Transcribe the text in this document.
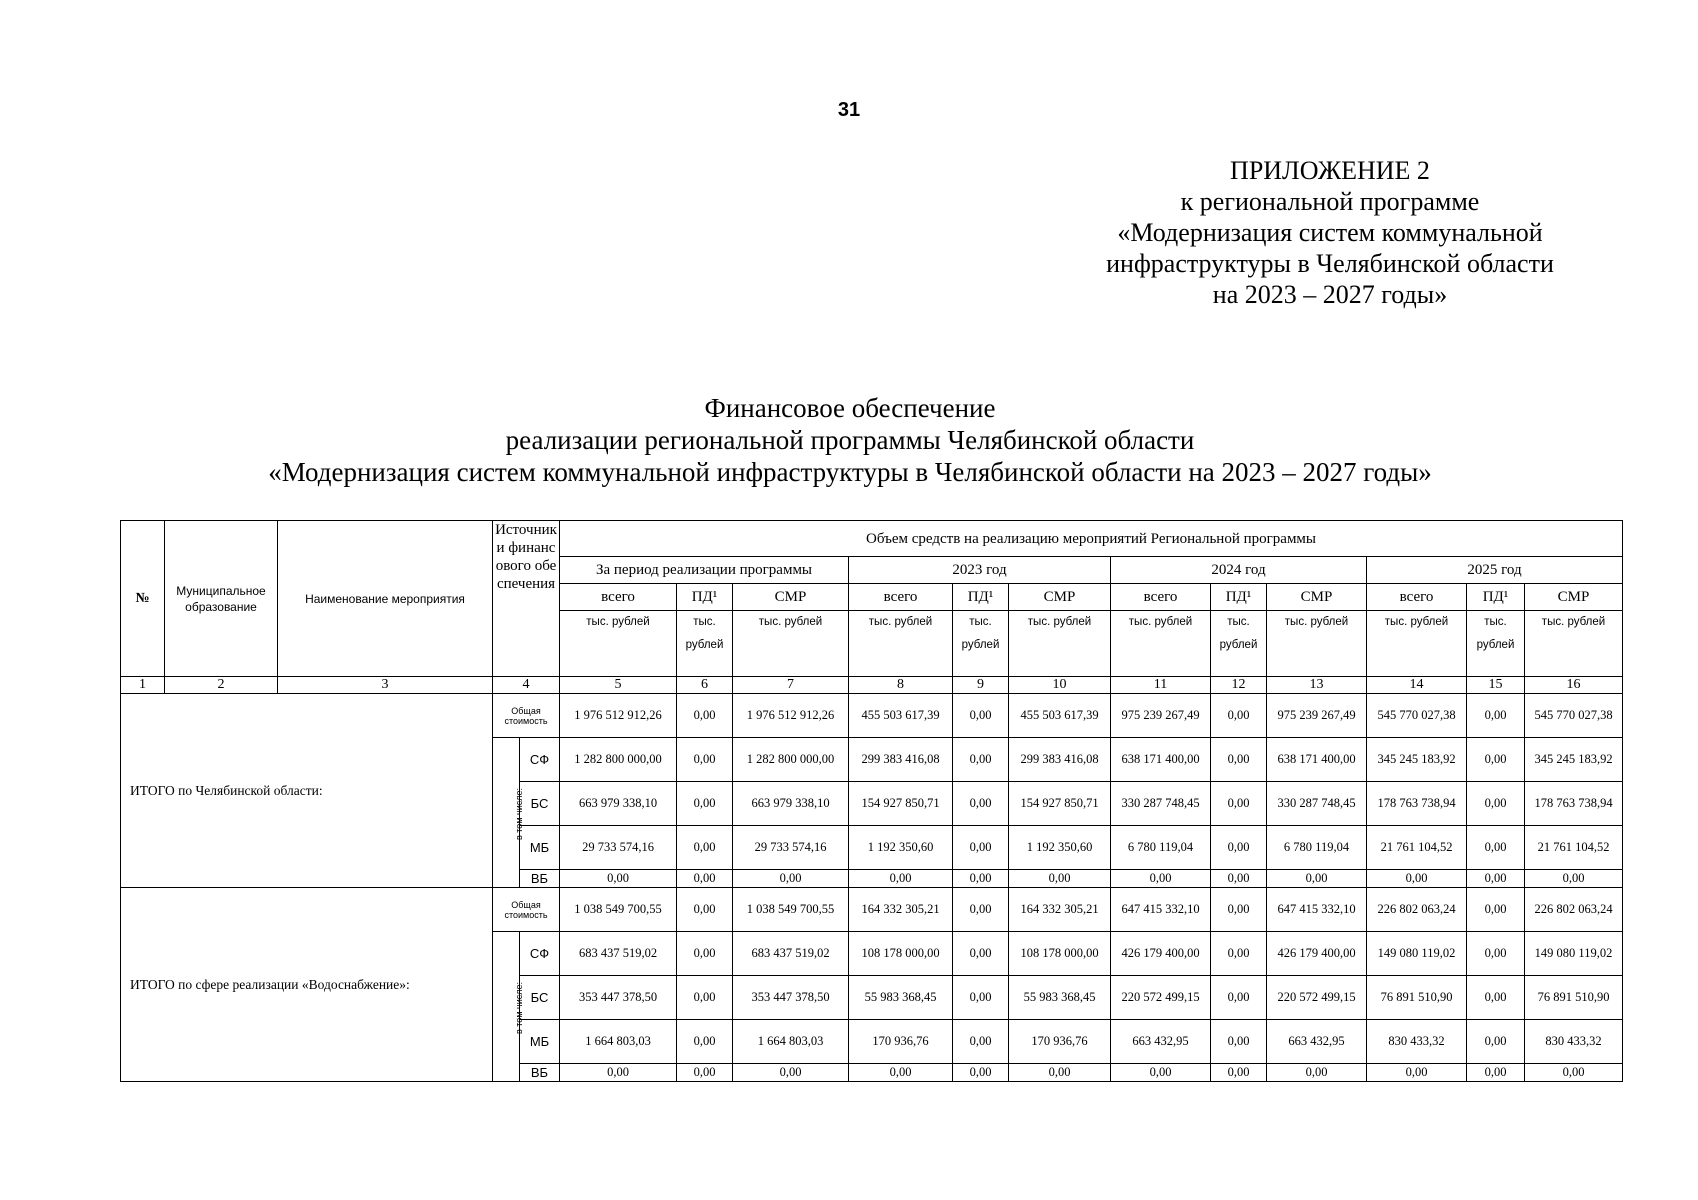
31
ПРИЛОЖЕНИЕ 2
к региональной программе
«Модернизация систем коммунальной
инфраструктуры в Челябинской области
на 2023 – 2027 годы»
Финансовое обеспечение
реализации региональной программы Челябинской области
«Модернизация систем коммунальной инфраструктуры в Челябинской области на 2023 – 2027 годы»
№	Муниципальное образование	Наименование мероприятия	Источники финансового обеспечения		Объем средств на реализацию мероприятий Региональной программы											
					За период реализации программы			2023 год			2024 год			2025 год		
					всего	ПД¹	СМР	всего	ПД¹	СМР	всего	ПД¹	СМР	всего	ПД¹	СМР
					тыс. рублей	тыс. рублей	тыс. рублей	тыс. рублей	тыс. рублей	тыс. рублей	тыс. рублей	тыс. рублей	тыс. рублей	тыс. рублей	тыс. рублей	тыс. рублей
1	2	3	4		5	6	7	8	9	10	11	12	13	14	15	16
ИТОГО по Челябинской области:			Общая стоимость		1 976 512 912,26	0,00	1 976 512 912,26	455 503 617,39	0,00	455 503 617,39	975 239 267,49	0,00	975 239 267,49	545 770 027,38	0,00	545 770 027,38
			в том числе:	СФ	1 282 800 000,00	0,00	1 282 800 000,00	299 383 416,08	0,00	299 383 416,08	638 171 400,00	0,00	638 171 400,00	345 245 183,92	0,00	345 245 183,92
				БС	663 979 338,10	0,00	663 979 338,10	154 927 850,71	0,00	154 927 850,71	330 287 748,45	0,00	330 287 748,45	178 763 738,94	0,00	178 763 738,94
				МБ	29 733 574,16	0,00	29 733 574,16	1 192 350,60	0,00	1 192 350,60	6 780 119,04	0,00	6 780 119,04	21 761 104,52	0,00	21 761 104,52
				ВБ	0,00	0,00	0,00	0,00	0,00	0,00	0,00	0,00	0,00	0,00	0,00	0,00
ИТОГО по сфере реализации «Водоснабжение»:			Общая стоимость		1 038 549 700,55	0,00	1 038 549 700,55	164 332 305,21	0,00	164 332 305,21	647 415 332,10	0,00	647 415 332,10	226 802 063,24	0,00	226 802 063,24
			в том числе:	СФ	683 437 519,02	0,00	683 437 519,02	108 178 000,00	0,00	108 178 000,00	426 179 400,00	0,00	426 179 400,00	149 080 119,02	0,00	149 080 119,02
				БС	353 447 378,50	0,00	353 447 378,50	55 983 368,45	0,00	55 983 368,45	220 572 499,15	0,00	220 572 499,15	76 891 510,90	0,00	76 891 510,90
				МБ	1 664 803,03	0,00	1 664 803,03	170 936,76	0,00	170 936,76	663 432,95	0,00	663 432,95	830 433,32	0,00	830 433,32
				ВБ	0,00	0,00	0,00	0,00	0,00	0,00	0,00	0,00	0,00	0,00	0,00	0,00
